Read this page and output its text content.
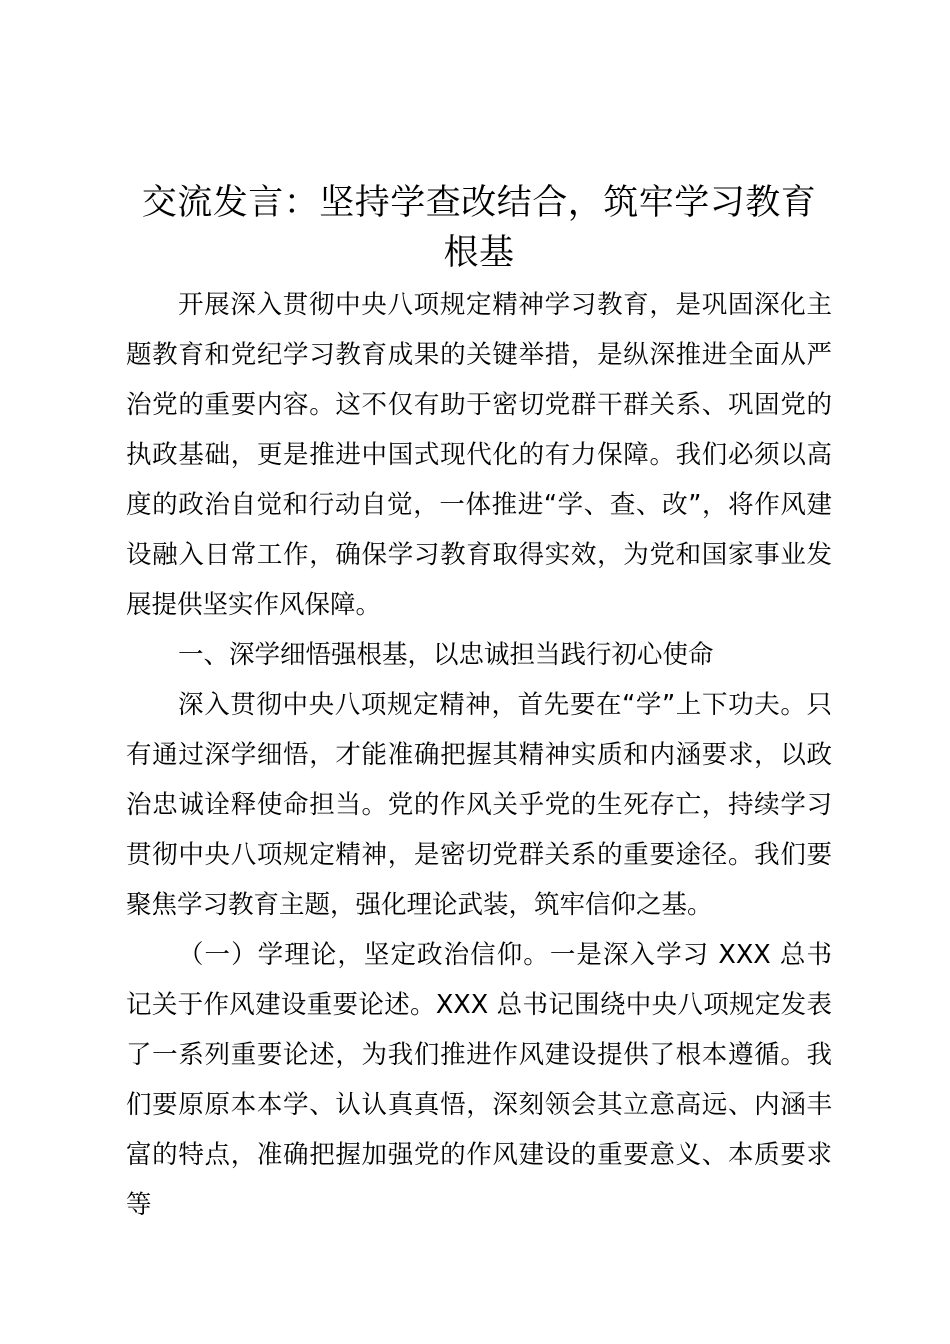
交流发言：坚持学查改结合，筑牢学习教育根基

开展深入贯彻中央八项规定精神学习教育，是巩固深化主题教育和党纪学习教育成果的关键举措，是纵深推进全面从严治党的重要内容。这不仅有助于密切党群干群关系、巩固党的执政基础，更是推进中国式现代化的有力保障。我们必须以高度的政治自觉和行动自觉，一体推进“学、查、改”，将作风建设融入日常工作，确保学习教育取得实效，为党和国家事业发展提供坚实作风保障。

一、深学细悟强根基，以忠诚担当践行初心使命

深入贯彻中央八项规定精神，首先要在“学”上下功夫。只有通过深学细悟，才能准确把握其精神实质和内涵要求，以政治忠诚诠释使命担当。党的作风关乎党的生死存亡，持续学习贯彻中央八项规定精神，是密切党群关系的重要途径。我们要聚焦学习教育主题，强化理论武装，筑牢信仰之基。

（一）学理论，坚定政治信仰。一是深入学习 XXX 总书记关于作风建设重要论述。XXX 总书记围绕中央八项规定发表了一系列重要论述，为我们推进作风建设提供了根本遵循。我们要原原本本学、认认真真悟，深刻领会其立意高远、内涵丰富的特点，准确把握加强党的作风建设的重要意义、本质要求等
